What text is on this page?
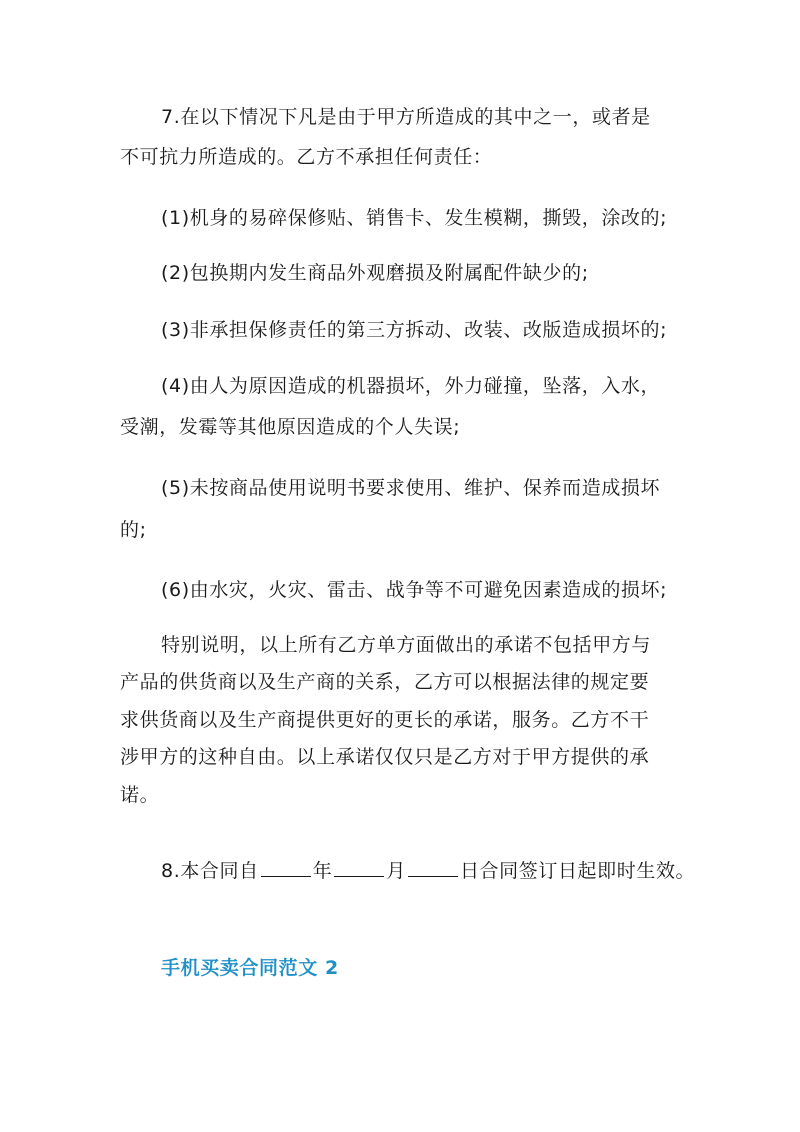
7.在以下情况下凡是由于甲方所造成的其中之一，或者是
不可抗力所造成的。乙方不承担任何责任：
(1)机身的易碎保修贴、销售卡、发生模糊，撕毁，涂改的;
(2)包换期内发生商品外观磨损及附属配件缺少的;
(3)非承担保修责任的第三方拆动、改装、改版造成损坏的;
(4)由人为原因造成的机器损坏，外力碰撞，坠落，入水，
受潮，发霉等其他原因造成的个人失误;
(5)未按商品使用说明书要求使用、维护、保养而造成损坏
的;
(6)由水灾，火灾、雷击、战争等不可避免因素造成的损坏;
特别说明，以上所有乙方单方面做出的承诺不包括甲方与
产品的供货商以及生产商的关系，乙方可以根据法律的规定要
求供货商以及生产商提供更好的更长的承诺，服务。乙方不干
涉甲方的这种自由。以上承诺仅仅只是乙方对于甲方提供的承
诺。
8.本合同自	年	月	日合同签订日起即时生效。
手机买卖合同范文 2
